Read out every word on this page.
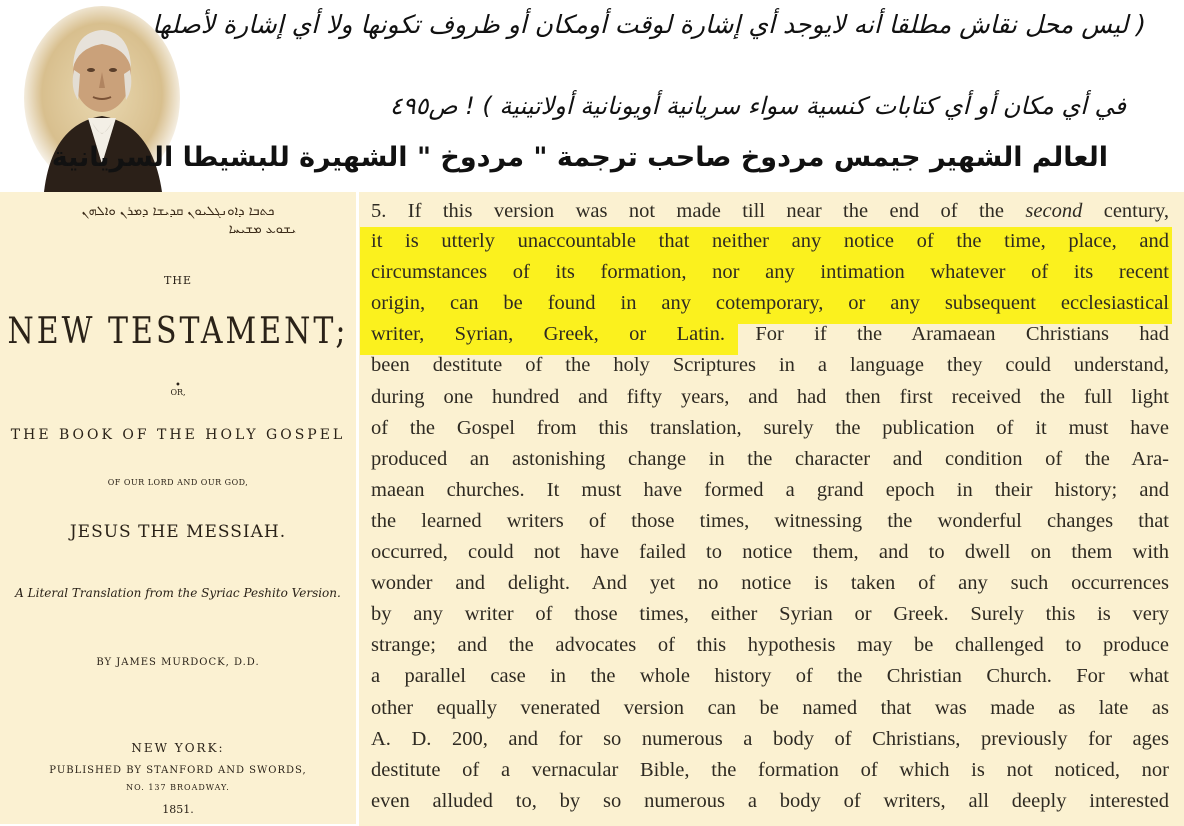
( ليس محل نقاش مطلقا أنه لايوجد أي إشارة لوقت أومكان أو ظروف تكونها ولا أي إشارة لأصلها
في أي مكان أو أي كتابات كنسية سواء سريانية أويونانية أولاتينية ) ! ص٤٩٥
العالم الشهير جيمس مردوخ صاحب ترجمة " مردوخ " الشهيرة للبشيطا السريانية
ܟܬܒܐ ܕܐܘܢܓܠܝܘܢ ܩܕܝܫܐ ܕܡܪܢ ܘܐܠܗܢ
ܝܫܘܥ ܡܫܝܚܐ
THE
NEW TESTAMENT;
•
OR,
THE BOOK OF THE HOLY GOSPEL
OF OUR LORD AND OUR GOD,
JESUS THE MESSIAH.
A Literal Translation from the Syriac Peshito Version.
BY JAMES MURDOCK, D.D.
NEW YORK:
PUBLISHED BY STANFORD AND SWORDS,
NO. 137 BROADWAY.
1851.
5. If this version was not made till near the end of the second century,
it is utterly unaccountable that neither any notice of the time, place, and
circumstances of its formation, nor any intimation whatever of its recent
origin, can be found in any cotemporary, or any subsequent ecclesiastical
writer, Syrian, Greek, or Latin. For if the Aramaean Christians had
been destitute of the holy Scriptures in a language they could understand,
during one hundred and fifty years, and had then first received the full light
of the Gospel from this translation, surely the publication of it must have
produced an astonishing change in the character and condition of the Ara-
maean churches. It must have formed a grand epoch in their history; and
the learned writers of those times, witnessing the wonderful changes that
occurred, could not have failed to notice them, and to dwell on them with
wonder and delight. And yet no notice is taken of any such occurrences
by any writer of those times, either Syrian or Greek. Surely this is very
strange; and the advocates of this hypothesis may be challenged to produce
a parallel case in the whole history of the Christian Church. For what
other equally venerated version can be named that was made as late as
A. D. 200, and for so numerous a body of Christians, previously for ages
destitute of a vernacular Bible, the formation of which is not noticed, nor
even alluded to, by so numerous a body of writers, all deeply interested
